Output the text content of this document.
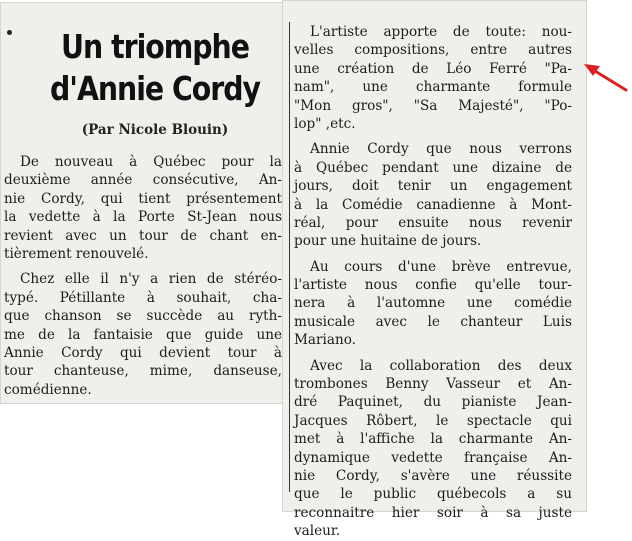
Un triomphe
d'Annie Cordy
(Par Nicole Blouin)
De nouveau à Québec pour la
deuxième année consécutive, An-
nie Cordy, qui tient présentement
la vedette à la Porte St-Jean nous
revient avec un tour de chant en-
tièrement renouvelé.
Chez elle il n'y a rien de stéréo-
typé. Pétillante à souhait, cha-
que chanson se succède au ryth-
me de la fantaisie que guide une
Annie Cordy qui devient tour à
tour chanteuse, mime, danseuse,
comédienne.
L'artiste apporte de toute: nou-
velles compositions, entre autres
une création de Léo Ferré "Pa-
nam", une charmante formule
"Mon gros", "Sa Majesté", "Po-
lop" ,etc.
Annie Cordy que nous verrons
à Québec pendant une dizaine de
jours, doit tenir un engagement
à la Comédie canadienne à Mont-
réal, pour ensuite nous revenir
pour une huitaine de jours.
Au cours d'une brève entrevue,
l'artiste nous confie qu'elle tour-
nera à l'automne une comédie
musicale avec le chanteur Luis
Mariano.
Avec la collaboration des deux
trombones Benny Vasseur et An-
dré Paquinet, du pianiste Jean-
Jacques Rôbert, le spectacle qui
met à l'affiche la charmante An-
dynamique vedette française An-
nie Cordy, s'avère une réussite
que le public québecols a su
reconnaitre hier soir à sa juste
valeur.
